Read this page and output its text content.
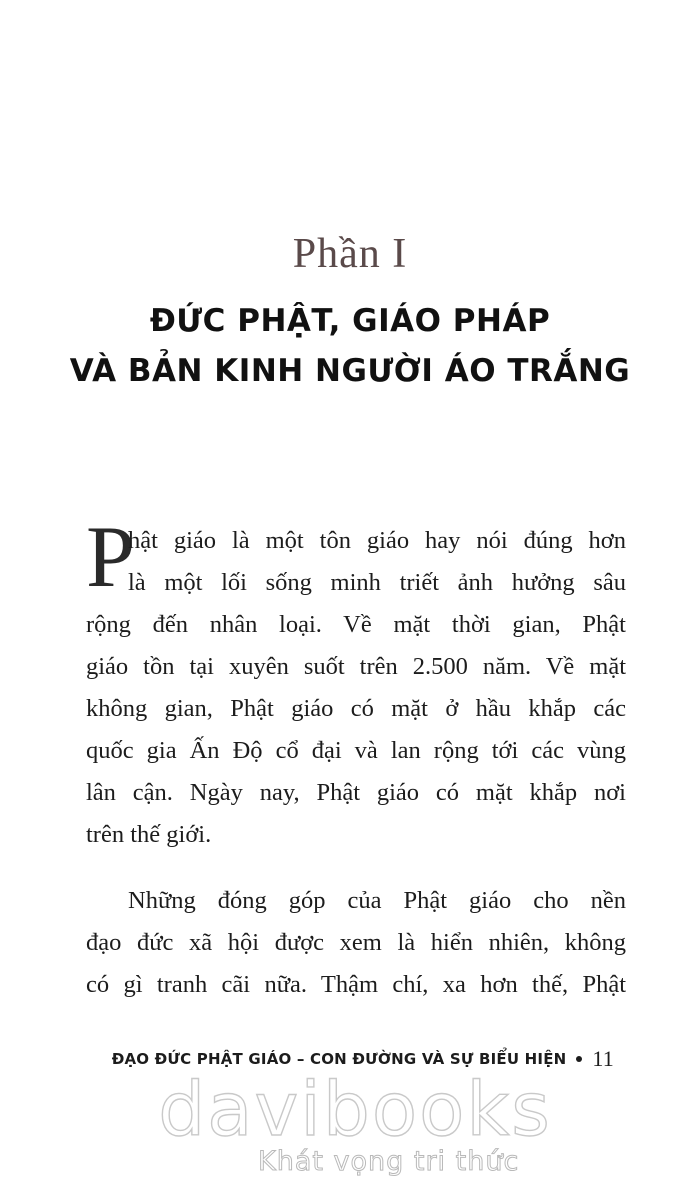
Phần I
ĐỨC PHẬT, GIÁO PHÁP
VÀ BẢN KINH NGƯỜI ÁO TRẮNG
P
hật giáo là một tôn giáo hay nói đúng hơn
là một lối sống minh triết ảnh hưởng sâu
rộng đến nhân loại. Về mặt thời gian, Phật
giáo tồn tại xuyên suốt trên 2.500 năm. Về mặt
không gian, Phật giáo có mặt ở hầu khắp các
quốc gia Ấn Độ cổ đại và lan rộng tới các vùng
lân cận. Ngày nay, Phật giáo có mặt khắp nơi
trên thế giới.
Những đóng góp của Phật giáo cho nền
đạo đức xã hội được xem là hiển nhiên, không
có gì tranh cãi nữa. Thậm chí, xa hơn thế, Phật
ĐẠO ĐỨC PHẬT GIÁO – CON ĐƯỜNG VÀ SỰ BIỂU HIỆN 11
davibooks
Khát vọng tri thức
